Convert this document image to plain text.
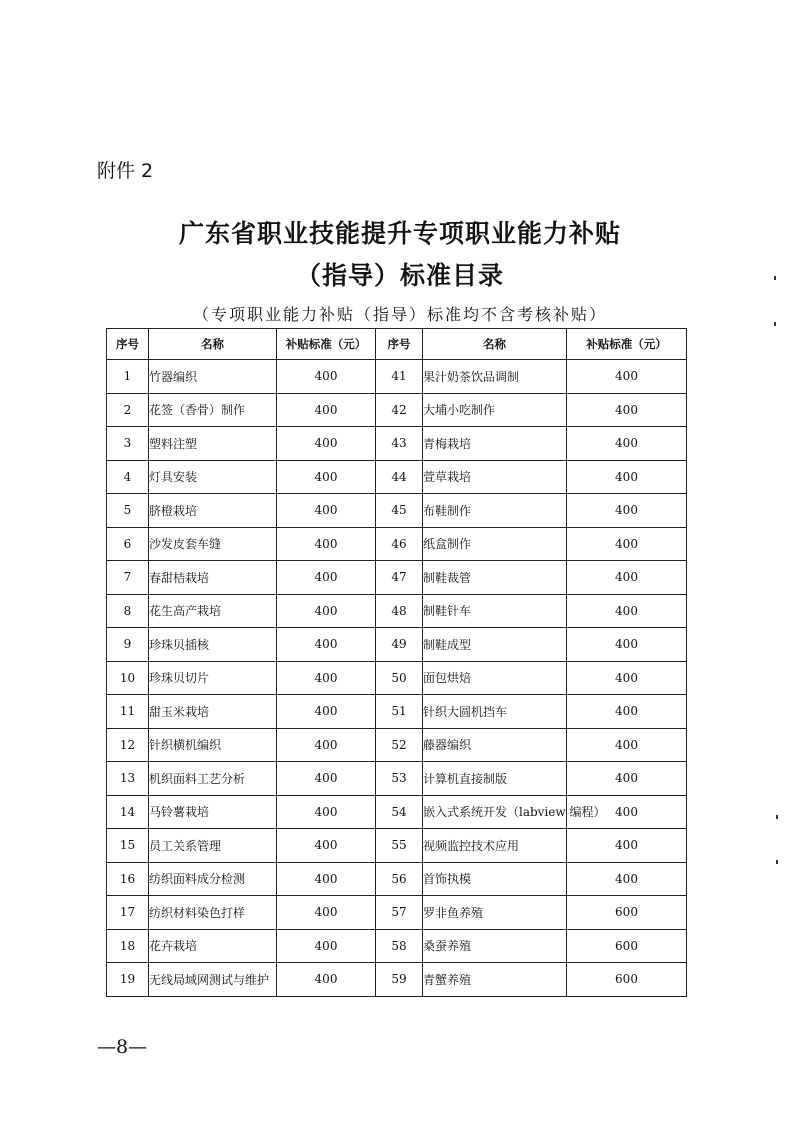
附件 2
广东省职业技能提升专项职业能力补贴
（指导）标准目录
（专项职业能力补贴（指导）标准均不含考核补贴）
序号	名称	补贴标准（元）	序号	名称	补贴标准（元）
1	竹器编织	400	41	果汁奶茶饮品调制	400
2	花签（香骨）制作	400	42	大埔小吃制作	400
3	塑料注塑	400	43	青梅栽培	400
4	灯具安装	400	44	萱草栽培	400
5	脐橙栽培	400	45	布鞋制作	400
6	沙发皮套车缝	400	46	纸盒制作	400
7	春甜桔栽培	400	47	制鞋裁管	400
8	花生高产栽培	400	48	制鞋针车	400
9	珍珠贝插核	400	49	制鞋成型	400
10	珍珠贝切片	400	50	面包烘焙	400
11	甜玉米栽培	400	51	针织大圆机挡车	400
12	针织横机编织	400	52	藤器编织	400
13	机织面料工艺分析	400	53	计算机直接制版	400
14	马铃薯栽培	400	54	嵌入式系统开发（labview 编程）	400
15	员工关系管理	400	55	视频监控技术应用	400
16	纺织面料成分检测	400	56	首饰执模	400
17	纺织材料染色打样	400	57	罗非鱼养殖	600
18	花卉栽培	400	58	桑蚕养殖	600
19	无线局域网测试与维护	400	59	青蟹养殖	600
—8—
